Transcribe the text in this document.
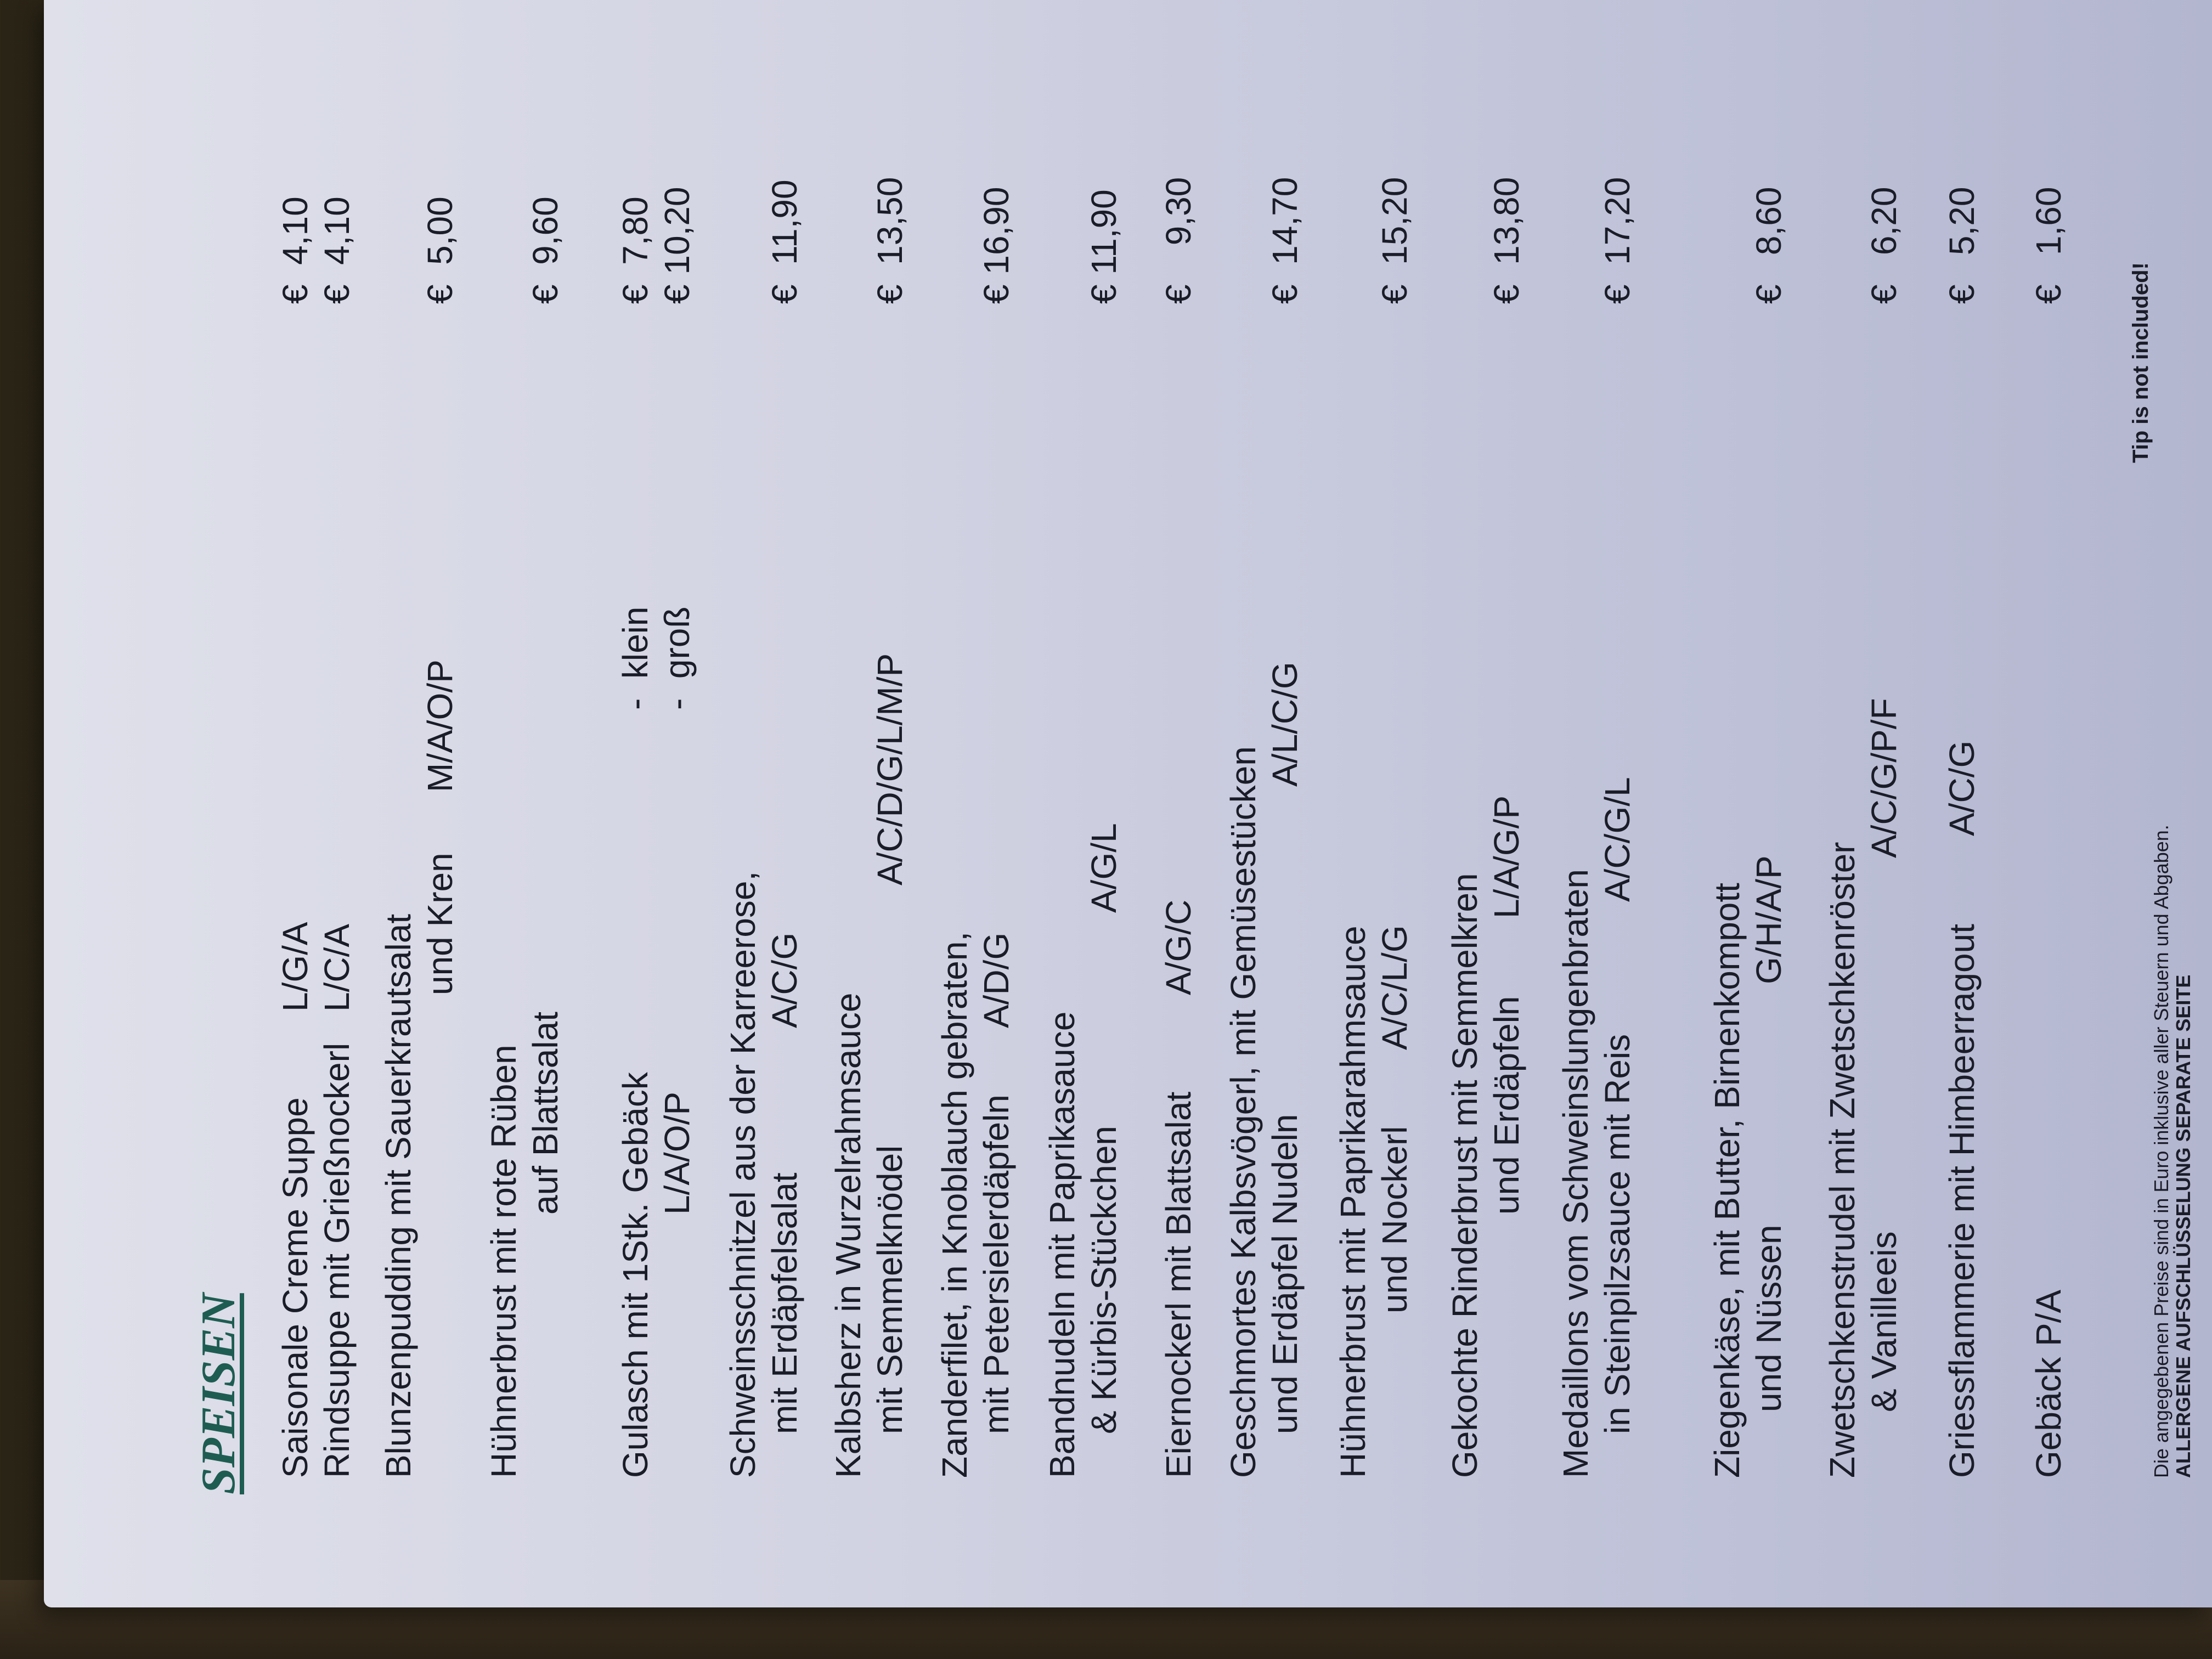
SPEISEN Saisonale Creme Suppe
L/G/A
€  4,10
Rindsuppe mit Grießnockerl
L/C/A
€  4,10
Blunzenpudding mit Sauerkrautsalat und Kren
M/A/O/P
€  5,00
Hühnerbrust mit rote Rüben auf Blattsalat
€  9,60
Gulasch mit 1Stk. Gebäck
-  klein
€  7,80
L/A/O/P
-  groß
€ 10,20
Schweinsschnitzel aus der Karreerose, mit Erdäpfelsalat
A/C/G
€  11,90
Kalbsherz in Wurzelrahmsauce mit Semmelknödel
A/C/D/G/L/M/P
€  13,50
Zanderfilet, in Knoblauch gebraten, mit Petersielerdäpfeln
A/D/G
€ 16,90
Bandnudeln mit Paprikasauce & Kürbis-Stückchen
A/G/L
€ 11,90
Eiernockerl mit Blattsalat
A/G/C
€    9,30
Geschmortes Kalbsvögerl, mit Gemüsestücken und Erdäpfel Nudeln
A/L/C/G
€  14,70
Hühnerbrust mit Paprikarahmsauce und Nockerl
A/C/L/G
€  15,20
Gekochte Rinderbrust mit Semmelkren und Erdäpfeln
L/A/G/P
€  13,80
Medaillons vom Schweinslungenbraten in Steinpilzsauce mit Reis
A/C/G/L
€  17,20
Ziegenkäse, mit Butter, Birnenkompott und Nüssen
G/H/A/P
€   8,60
Zwetschkenstrudel mit Zwetschkenröster & Vanilleeis
A/C/G/P/F
€   6,20
Griessflammerie mit Himbeerragout
A/C/G
€   5,20
Gebäck
P/A
€   1,60
Die angegebenen Preise sind in Euro inklusive aller Steuern und Abgaben. ALLERGENE AUFSCHLÜSSELUNG SEPARATE SEITE
Tip is not included!
